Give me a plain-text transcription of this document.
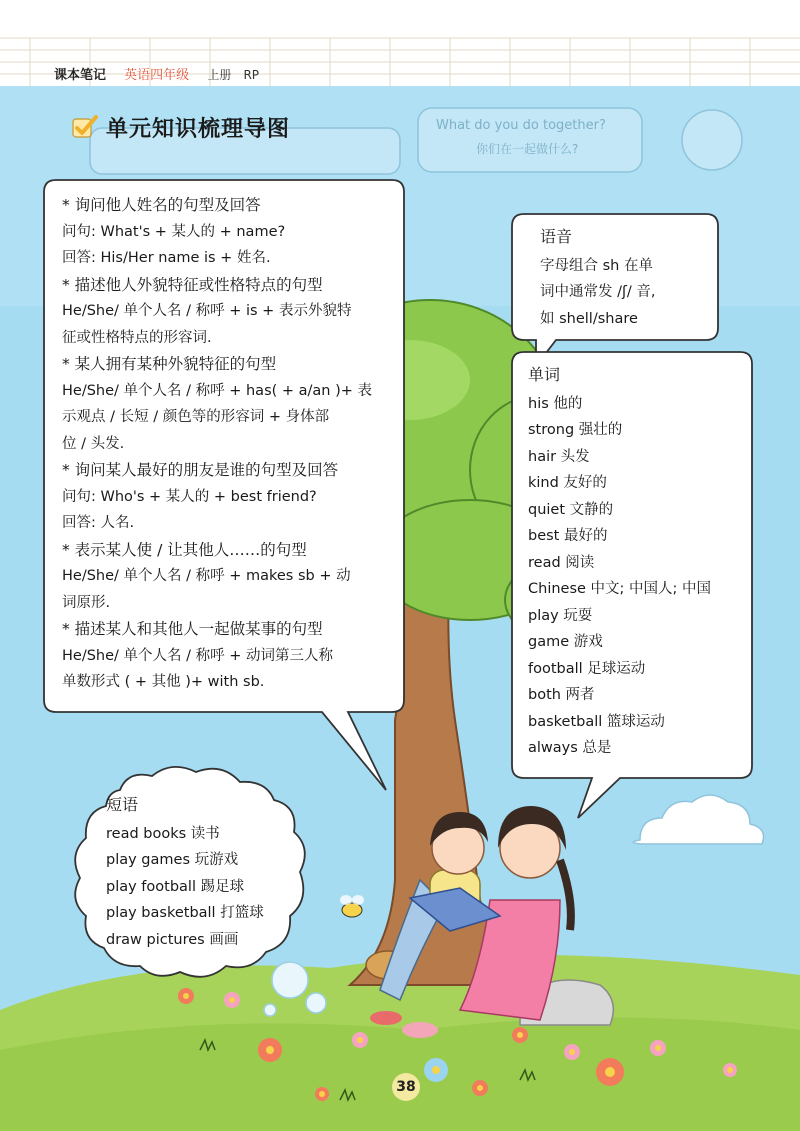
课本笔记 英语四年级 上册 RP
单元知识梳理导图
* 询问他人姓名的句型及回答
问句: What's + 某人的 + name?
回答: His/Her name is + 姓名.
* 描述他人外貌特征或性格特点的句型
He/She/ 单个人名 / 称呼 + is + 表示外貌特
征或性格特点的形容词.
* 某人拥有某种外貌特征的句型
He/She/ 单个人名 / 称呼 + has( + a/an )+ 表
示观点 / 长短 / 颜色等的形容词 + 身体部
位 / 头发.
* 询问某人最好的朋友是谁的句型及回答
问句: Who's + 某人的 + best friend?
回答: 人名.
* 表示某人使 / 让其他人……的句型
He/She/ 单个人名 / 称呼 + makes sb + 动
词原形.
* 描述某人和其他人一起做某事的句型
He/She/ 单个人名 / 称呼 + 动词第三人称
单数形式 ( + 其他 )+ with sb.
语音
字母组合 sh 在单
词中通常发 /ʃ/ 音,
如 shell/share
单词
his 他的
strong 强壮的
hair 头发
kind 友好的
quiet 文静的
best 最好的
read 阅读
Chinese 中文; 中国人; 中国
play 玩耍
game 游戏
football 足球运动
both 两者
basketball 篮球运动
always 总是
短语
read books 读书
play games 玩游戏
play football 踢足球
play basketball 打篮球
draw pictures 画画
What do you do together?
你们在一起做什么?
38
